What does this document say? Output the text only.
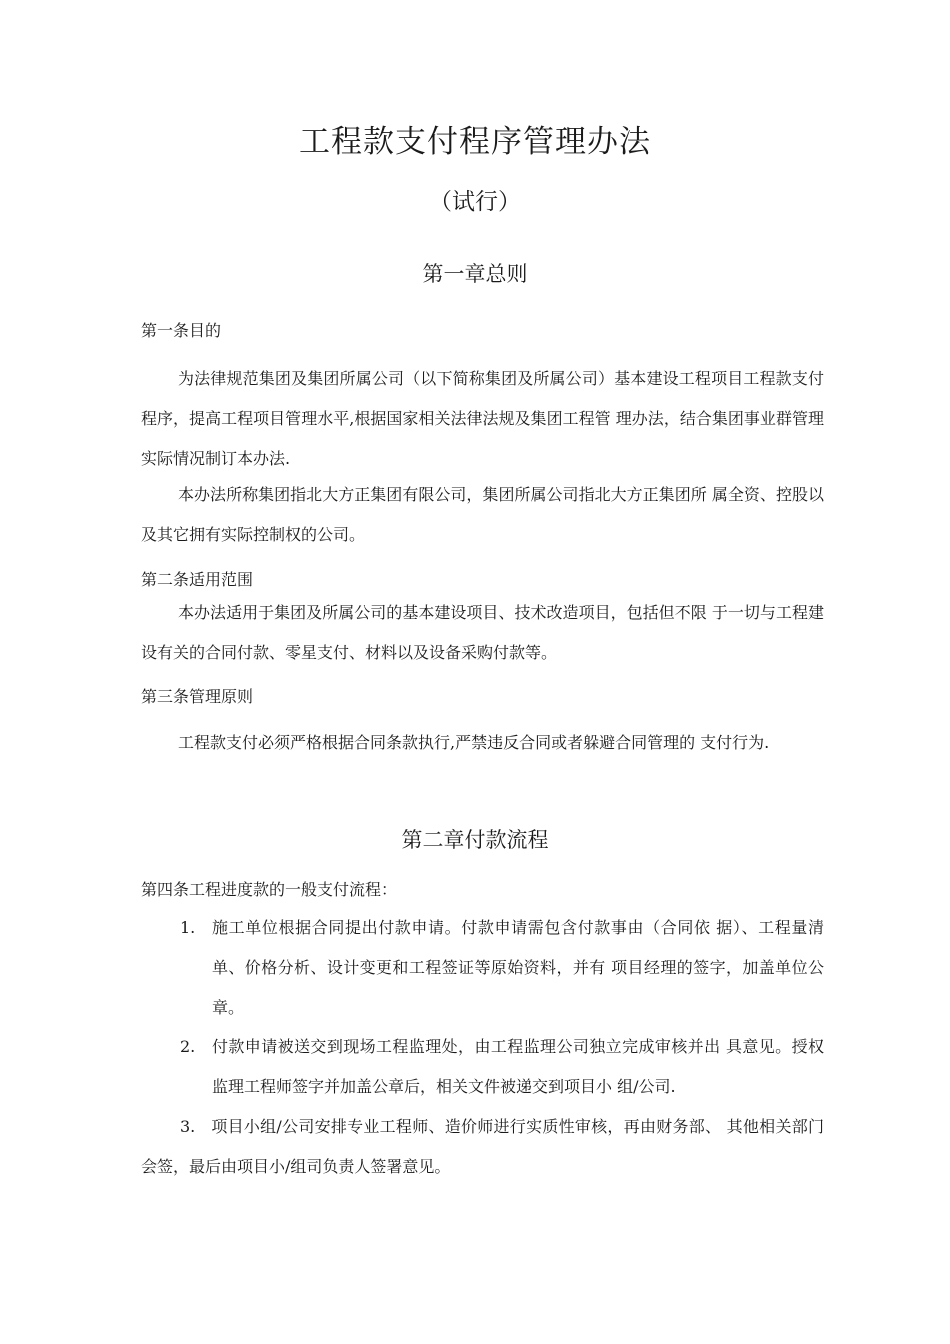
工程款支付程序管理办法
（试行）
第一章总则
第一条目的
为法律规范集团及集团所属公司（以下简称集团及所属公司）基本建设工程项目工程款支付程序，提高工程项目管理水平,根据国家相关法律法规及集团工程管 理办法，结合集团事业群管理实际情况制订本办法.
本办法所称集团指北大方正集团有限公司，集团所属公司指北大方正集团所 属全资、控股以及其它拥有实际控制权的公司。
第二条适用范围
本办法适用于集团及所属公司的基本建设项目、技术改造项目，包括但不限 于一切与工程建设有关的合同付款、零星支付、材料以及设备采购付款等。
第三条管理原则
工程款支付必须严格根据合同条款执行,严禁违反合同或者躲避合同管理的 支付行为.
第二章付款流程
第四条工程进度款的一般支付流程：
1. 施工单位根据合同提出付款申请。付款申请需包含付款事由（合同依 据）、工程量清单、价格分析、设计变更和工程签证等原始资料，并有 项目经理的签字，加盖单位公章。
2. 付款申请被送交到现场工程监理处，由工程监理公司独立完成审核并出 具意见。授权监理工程师签字并加盖公章后，相关文件被递交到项目小 组/公司.
3. 项目小组/公司安排专业工程师、造价师进行实质性审核，再由财务部、 其他相关部门会签，最后由项目小/组司负责人签署意见。
